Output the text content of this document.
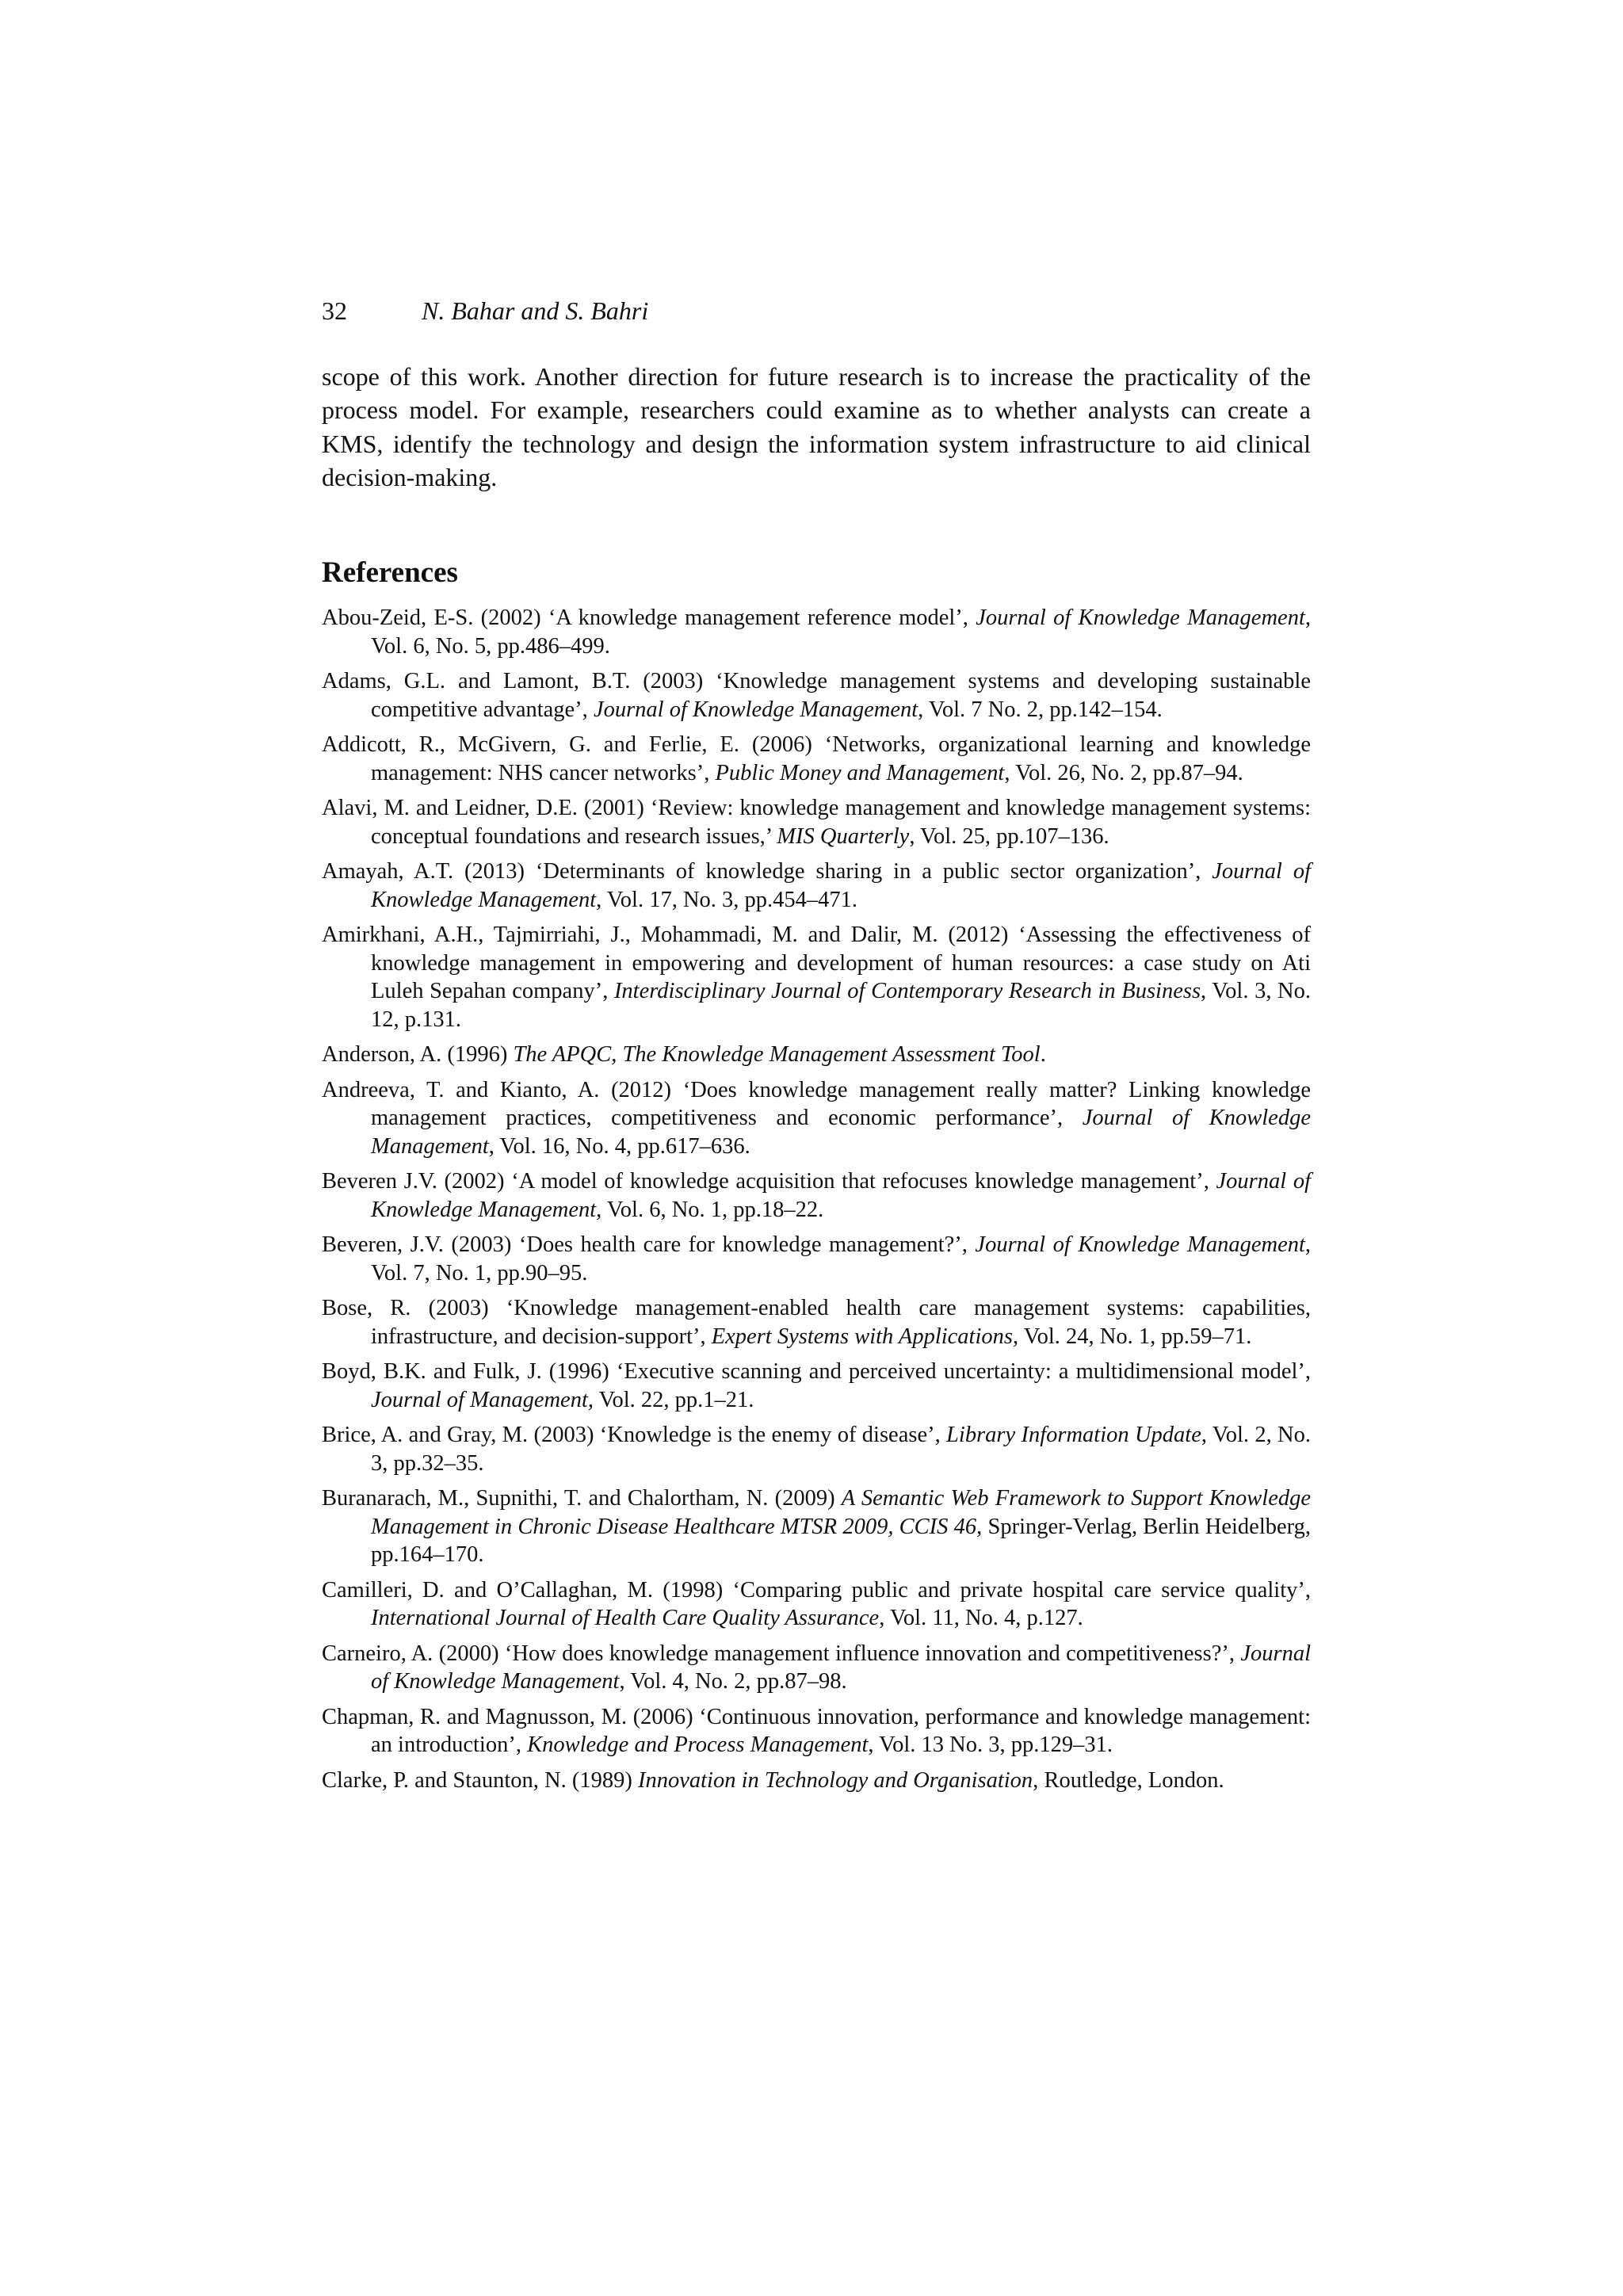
32	N. Bahar and S. Bahri

scope of this work. Another direction for future research is to increase the practicality of the process model. For example, researchers could examine as to whether analysts can create a KMS, identify the technology and design the information system infrastructure to aid clinical decision-making.

References
Abou-Zeid, E-S. (2002) ‘A knowledge management reference model’, Journal of Knowledge Management, Vol. 6, No. 5, pp.486–499.
Adams, G.L. and Lamont, B.T. (2003) ‘Knowledge management systems and developing sustainable competitive advantage’, Journal of Knowledge Management, Vol. 7 No. 2, pp.142–154.
Addicott, R., McGivern, G. and Ferlie, E. (2006) ‘Networks, organizational learning and knowledge management: NHS cancer networks’, Public Money and Management, Vol. 26, No. 2, pp.87–94.
Alavi, M. and Leidner, D.E. (2001) ‘Review: knowledge management and knowledge management systems: conceptual foundations and research issues,’ MIS Quarterly, Vol. 25, pp.107–136.
Amayah, A.T. (2013) ‘Determinants of knowledge sharing in a public sector organization’, Journal of Knowledge Management, Vol. 17, No. 3, pp.454–471.
Amirkhani, A.H., Tajmirriahi, J., Mohammadi, M. and Dalir, M. (2012) ‘Assessing the effectiveness of knowledge management in empowering and development of human resources: a case study on Ati Luleh Sepahan company’, Interdisciplinary Journal of Contemporary Research in Business, Vol. 3, No. 12, p.131.
Anderson, A. (1996) The APQC, The Knowledge Management Assessment Tool.
Andreeva, T. and Kianto, A. (2012) ‘Does knowledge management really matter? Linking knowledge management practices, competitiveness and economic performance’, Journal of Knowledge Management, Vol. 16, No. 4, pp.617–636.
Beveren J.V. (2002) ‘A model of knowledge acquisition that refocuses knowledge management’, Journal of Knowledge Management, Vol. 6, No. 1, pp.18–22.
Beveren, J.V. (2003) ‘Does health care for knowledge management?’, Journal of Knowledge Management, Vol. 7, No. 1, pp.90–95.
Bose, R. (2003) ‘Knowledge management-enabled health care management systems: capabilities, infrastructure, and decision-support’, Expert Systems with Applications, Vol. 24, No. 1, pp.59–71.
Boyd, B.K. and Fulk, J. (1996) ‘Executive scanning and perceived uncertainty: a multidimensional model’, Journal of Management, Vol. 22, pp.1–21.
Brice, A. and Gray, M. (2003) ‘Knowledge is the enemy of disease’, Library Information Update, Vol. 2, No. 3, pp.32–35.
Buranarach, M., Supnithi, T. and Chalortham, N. (2009) A Semantic Web Framework to Support Knowledge Management in Chronic Disease Healthcare MTSR 2009, CCIS 46, Springer-Verlag, Berlin Heidelberg, pp.164–170.
Camilleri, D. and O’Callaghan, M. (1998) ‘Comparing public and private hospital care service quality’, International Journal of Health Care Quality Assurance, Vol. 11, No. 4, p.127.
Carneiro, A. (2000) ‘How does knowledge management influence innovation and competitiveness?’, Journal of Knowledge Management, Vol. 4, No. 2, pp.87–98.
Chapman, R. and Magnusson, M. (2006) ‘Continuous innovation, performance and knowledge management: an introduction’, Knowledge and Process Management, Vol. 13 No. 3, pp.129–31.
Clarke, P. and Staunton, N. (1989) Innovation in Technology and Organisation, Routledge, London.
